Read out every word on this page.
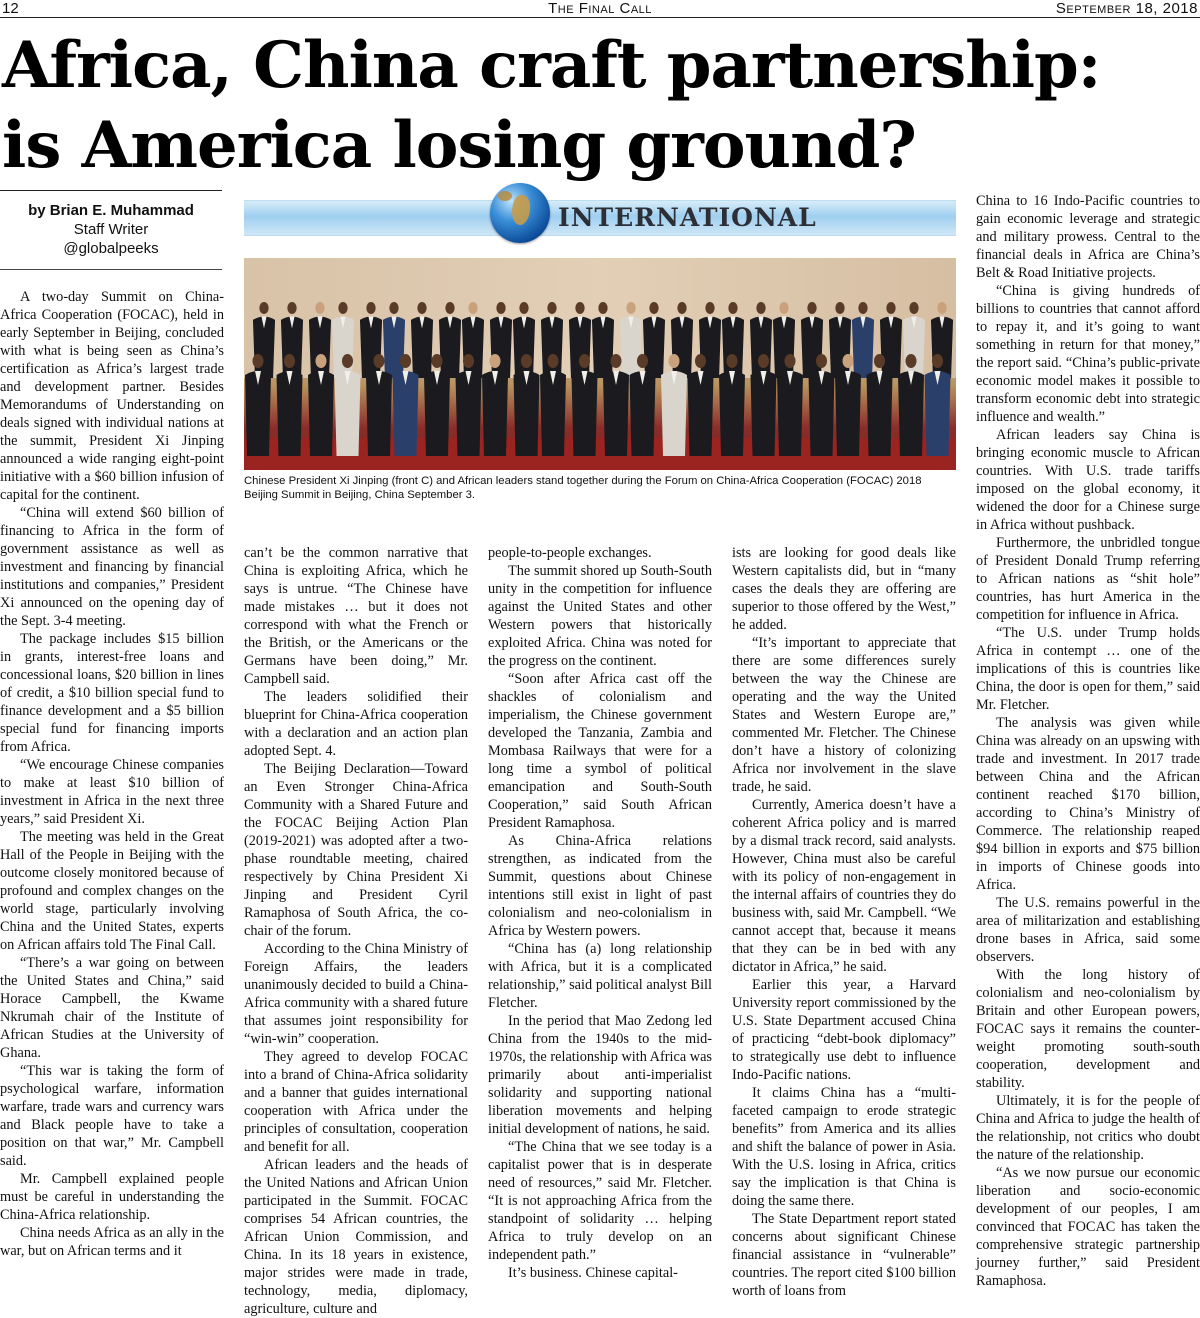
12	The Final Call	September 18, 2018
Africa, China craft partnership:
is America losing ground?
by Brian E. Muhammad
Staff Writer
@globalpeeks

A two-day Summit on China-Africa Cooperation (FOCAC), held in early September in Beijing, concluded with what is being seen as China’s certification as Africa’s largest trade and development partner. Besides Memorandums of Understanding on deals signed with individual nations at the summit, President Xi Jinping announced a wide ranging eight-point initiative with a $60 billion infusion of capital for the continent.

“China will extend $60 billion of financing to Africa in the form of government assistance as well as investment and financing by financial institutions and companies,” President Xi announced on the opening day of the Sept. 3-4 meeting.

The package includes $15 billion in grants, interest-free loans and concessional loans, $20 billion in lines of credit, a $10 billion special fund to finance development and a $5 billion special fund for financing imports from Africa.

“We encourage Chinese companies to make at least $10 billion of investment in Africa in the next three years,” said President Xi.

The meeting was held in the Great Hall of the People in Beijing with the outcome closely monitored because of profound and complex changes on the world stage, particularly involving China and the United States, experts on African affairs told The Final Call.

“There’s a war going on between the United States and China,” said Horace Campbell, the Kwame Nkrumah chair of the Institute of African Studies at the University of Ghana.

“This war is taking the form of psychological warfare, information warfare, trade wars and currency wars and Black people have to take a position on that war,” Mr. Campbell said.

Mr. Campbell explained people must be careful in understanding the China-Africa relationship.

China needs Africa as an ally in the war, but on African terms and it

INTERNATIONAL
Chinese President Xi Jinping (front C) and African leaders stand together during the Forum on China-Africa Cooperation (FOCAC) 2018 Beijing Summit in Beijing, China September 3.

can’t be the common narrative that China is exploiting Africa, which he says is untrue. “The Chinese have made mistakes … but it does not correspond with what the French or the British, or the Americans or the Germans have been doing,” Mr. Campbell said.

The leaders solidified their blueprint for China-Africa cooperation with a declaration and an action plan adopted Sept. 4.

The Beijing Declaration—Toward an Even Stronger China-Africa Community with a Shared Future and the FOCAC Beijing Action Plan (2019-2021) was adopted after a two-phase roundtable meeting, chaired respectively by China President Xi Jinping and President Cyril Ramaphosa of South Africa, the co-chair of the forum.

According to the China Ministry of Foreign Affairs, the leaders unanimously decided to build a China-Africa community with a shared future that assumes joint responsibility for “win-win” cooperation.

They agreed to develop FOCAC into a brand of China-Africa solidarity and a banner that guides international cooperation with Africa under the principles of consultation, cooperation and benefit for all.

African leaders and the heads of the United Nations and African Union participated in the Summit. FOCAC comprises 54 African countries, the African Union Commission, and China. In its 18 years in existence, major strides were made in trade, technology, media, diplomacy, agriculture, culture and

people-to-people exchanges.

The summit shored up South-South unity in the competition for influence against the United States and other Western powers that historically exploited Africa. China was noted for the progress on the continent.

“Soon after Africa cast off the shackles of colonialism and imperialism, the Chinese government developed the Tanzania, Zambia and Mombasa Railways that were for a long time a symbol of political emancipation and South-South Cooperation,” said South African President Ramaphosa.

As China-Africa relations strengthen, as indicated from the Summit, questions about Chinese intentions still exist in light of past colonialism and neo-colonialism in Africa by Western powers.

“China has (a) long relationship with Africa, but it is a complicated relationship,” said political analyst Bill Fletcher.

In the period that Mao Zedong led China from the 1940s to the mid-1970s, the relationship with Africa was primarily about anti-imperialist solidarity and supporting national liberation movements and helping initial development of nations, he said.

“The China that we see today is a capitalist power that is in desperate need of resources,” said Mr. Fletcher. “It is not approaching Africa from the standpoint of solidarity … helping Africa to truly develop on an independent path.”

It’s business. Chinese capital-

ists are looking for good deals like Western capitalists did, but in “many cases the deals they are offering are superior to those offered by the West,” he added.

“It’s important to appreciate that there are some differences surely between the way the Chinese are operating and the way the United States and Western Europe are,” commented Mr. Fletcher. The Chinese don’t have a history of colonizing Africa nor involvement in the slave trade, he said.

Currently, America doesn’t have a coherent Africa policy and is marred by a dismal track record, said analysts. However, China must also be careful with its policy of non-engagement in the internal affairs of countries they do business with, said Mr. Campbell. “We cannot accept that, because it means that they can be in bed with any dictator in Africa,” he said.

Earlier this year, a Harvard University report commissioned by the U.S. State Department accused China of practicing “debt-book diplomacy” to strategically use debt to influence Indo-Pacific nations.

It claims China has a “multi-faceted campaign to erode strategic benefits” from America and its allies and shift the balance of power in Asia. With the U.S. losing in Africa, critics say the implication is that China is doing the same there.

The State Department report stated concerns about significant Chinese financial assistance in “vulnerable” countries. The report cited $100 billion worth of loans from

China to 16 Indo-Pacific countries to gain economic leverage and strategic and military prowess. Central to the financial deals in Africa are China’s Belt & Road Initiative projects.

“China is giving hundreds of billions to countries that cannot afford to repay it, and it’s going to want something in return for that money,” the report said. “China’s public-private economic model makes it possible to transform economic debt into strategic influence and wealth.”

African leaders say China is bringing economic muscle to African countries. With U.S. trade tariffs imposed on the global economy, it widened the door for a Chinese surge in Africa without pushback.

Furthermore, the unbridled tongue of President Donald Trump referring to African nations as “shit hole” countries, has hurt America in the competition for influence in Africa.

“The U.S. under Trump holds Africa in contempt … one of the implications of this is countries like China, the door is open for them,” said Mr. Fletcher.

The analysis was given while China was already on an upswing with trade and investment. In 2017 trade between China and the African continent reached $170 billion, according to China’s Ministry of Commerce. The relationship reaped $94 billion in exports and $75 billion in imports of Chinese goods into Africa.

The U.S. remains powerful in the area of militarization and establishing drone bases in Africa, said some observers.

With the long history of colonialism and neo-colonialism by Britain and other European powers, FOCAC says it remains the counter-weight promoting south-south cooperation, development and stability.

Ultimately, it is for the people of China and Africa to judge the health of the relationship, not critics who doubt the nature of the relationship.

“As we now pursue our economic liberation and socio-economic development of our peoples, I am convinced that FOCAC has taken the comprehensive strategic partnership journey further,” said President Ramaphosa.
